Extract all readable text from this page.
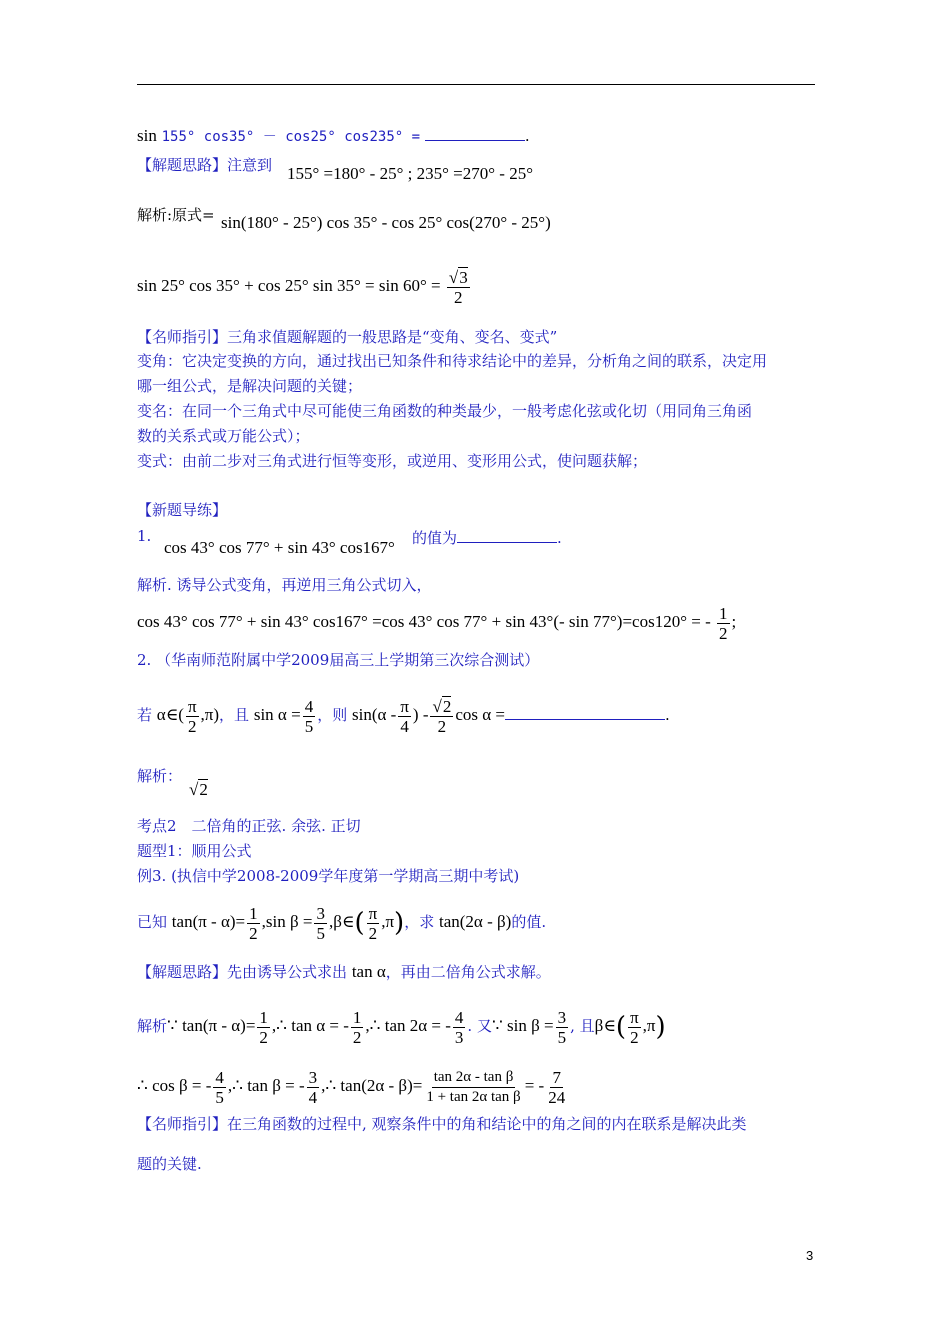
sin 155° cos35° － cos25° cos235° =	.
【解题思路】注意到 155° =180° - 25° ; 235° =270° - 25°
解析:原式= sin(180° - 25°) cos 35° - cos 25° cos(270° - 25°)
sin 25° cos 35° + cos 25° $\sin 35^\circ = \sin 60^\circ = \frac{√3}{2}$
【名师指引】三角求值题解题的一般思路是“变角、变名、变式”
变角：它决定变换的方向，通过找出已知条件和待求结论中的差异，分析角之间的联系，决定用
哪一组公式，是解决问题的关键；
变名：在同一个三角式中尽可能使三角函数的种类最少，一般考虑化弦或化切（用同角三角函
数的关系式或万能公式）；
变式：由前二步对三角式进行恒等变形，或逆用、变形用公式，使问题获解；
【新题导练】
1.
cos 43° cos 77° + sin 43° cos167° 的值为	.
解析. 诱导公式变角，再逆用三角公式切入，
cos 43° cos 77° + sin 43° cos167° =cos 43° cos 77° + sin 43°(- sin 77°)=cos120° = - $\frac{1}{2}$ ;
2. （华南师范附属中学2009届高三上学期第三次综合测试）
若 α∈( $\frac{\pi}{2} ,\pi$)，且 $\sin \alpha = \frac{4}{5}$ ，则 $\sin(\alpha - \frac{\pi}{4}$ ) - $\frac{√2}{2}$ cos α =	.
解析：
√2
考点2　二倍角的正弦. 余弦. 正切
题型1：顺用公式
例3. (执信中学2008-2009学年度第一学期高三期中考试)
已知 $\tan(\pi - \alpha)= \frac{1}{2} ,\sin$ $\beta = \frac{3}{5}$ ,β∈( $\frac{\pi}{2} ,\pi$)，求 tan(2α - β)的值.
【解题思路】先由诱导公式求出 tan α，再由二倍角公式求解。
解析∵ $\tan(\pi - \alpha)= \frac{1}{2}$ ,∴ tan α = - $\frac{1}{2}$ ,∴ tan 2α = - $\frac{4}{3}$ . 又∵ $\sin \beta = \frac{3}{5}$ , 且β∈( $\frac{\pi}{2} ,\pi$)
∴ cos β = - $\frac{4}{5}$ ,∴ tan β = - $\frac{3}{4}$ ,∴ $\tan(2\alpha - \beta)= \frac{\text{tan 2α - tan β}}{\text{1 + tan 2α tan β}}$ = - $\frac{7}{24}$
【名师指引】在三角函数的过程中, 观察条件中的角和结论中的角之间的内在联系是解决此类
题的关键.
3
